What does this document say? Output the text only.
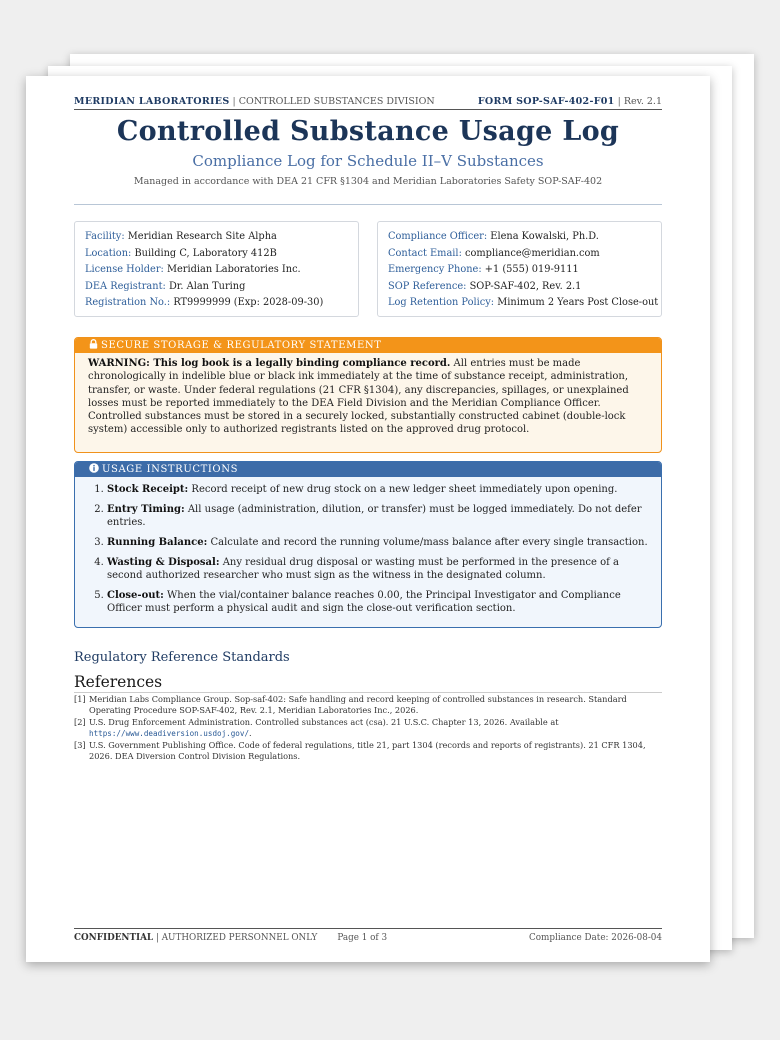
MERIDIAN LABORATORIES | CONTROLLED SUBSTANCES DIVISION	FORM SOP-SAF-402-F01 | Rev. 2.1
Controlled Substance Usage Log
Compliance Log for Schedule II–V Substances
Managed in accordance with DEA 21 CFR §1304 and Meridian Laboratories Safety SOP-SAF-402
Facility: Meridian Research Site Alpha
Location: Building C, Laboratory 412B
License Holder: Meridian Laboratories Inc.
DEA Registrant: Dr. Alan Turing
Registration No.: RT9999999 (Exp: 2028-09-30)
Compliance Officer: Elena Kowalski, Ph.D.
Contact Email: compliance@meridian.com
Emergency Phone: +1 (555) 019-9111
SOP Reference: SOP-SAF-402, Rev. 2.1
Log Retention Policy: Minimum 2 Years Post Close-out
SECURE STORAGE & REGULATORY STATEMENT
WARNING: This log book is a legally binding compliance record. All entries must be made chronologically in indelible blue or black ink immediately at the time of substance receipt, administration, transfer, or waste. Under federal regulations (21 CFR §1304), any discrepancies, spillages, or unexplained losses must be reported immediately to the DEA Field Division and the Meridian Compliance Officer.
Controlled substances must be stored in a securely locked, substantially constructed cabinet (double-lock system) accessible only to authorized registrants listed on the approved drug protocol.
USAGE INSTRUCTIONS
1. Stock Receipt: Record receipt of new drug stock on a new ledger sheet immediately upon opening.
2. Entry Timing: All usage (administration, dilution, or transfer) must be logged immediately. Do not defer entries.
3. Running Balance: Calculate and record the running volume/mass balance after every single transaction.
4. Wasting & Disposal: Any residual drug disposal or wasting must be performed in the presence of a second authorized researcher who must sign as the witness in the designated column.
5. Close-out: When the vial/container balance reaches 0.00, the Principal Investigator and Compliance Officer must perform a physical audit and sign the close-out verification section.
Regulatory Reference Standards
References
[1] Meridian Labs Compliance Group. Sop-saf-402: Safe handling and record keeping of controlled substances in research. Standard Operating Procedure SOP-SAF-402, Rev. 2.1, Meridian Laboratories Inc., 2026.
[2] U.S. Drug Enforcement Administration. Controlled substances act (csa). 21 U.S.C. Chapter 13, 2026. Available at https://www.deadiversion.usdoj.gov/.
[3] U.S. Government Publishing Office. Code of federal regulations, title 21, part 1304 (records and reports of registrants). 21 CFR 1304, 2026. DEA Diversion Control Division Regulations.
CONFIDENTIAL | AUTHORIZED PERSONNEL ONLY Page 1 of 3	Compliance Date: 2026-08-04
